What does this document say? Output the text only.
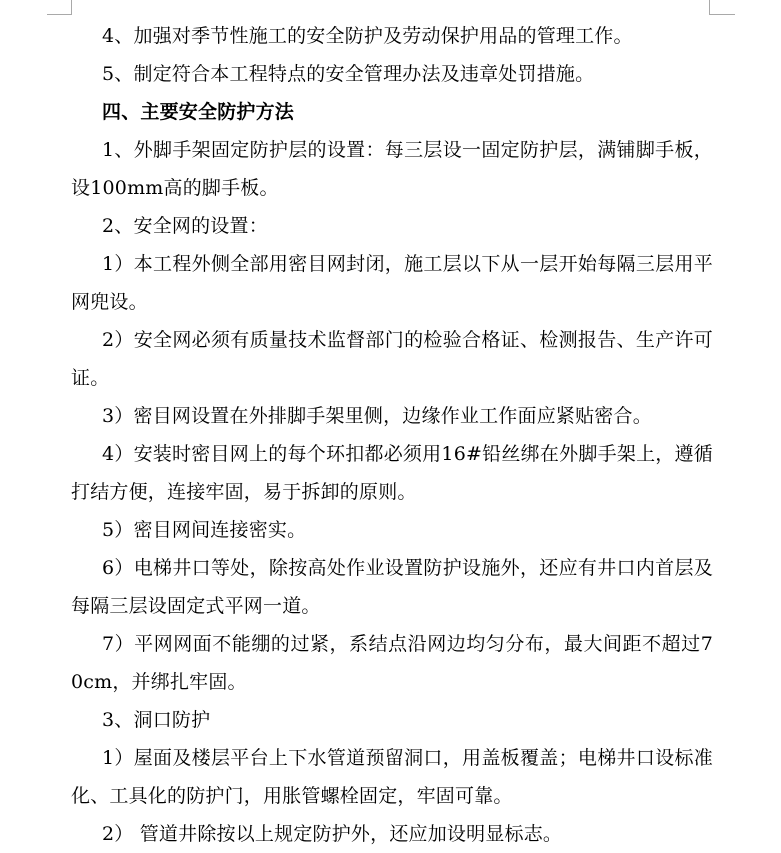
4、加强对季节性施工的安全防护及劳动保护用品的管理工作。

5、制定符合本工程特点的安全管理办法及违章处罚措施。

四、主要安全防护方法

1、外脚手架固定防护层的设置：每三层设一固定防护层，满铺脚手板，设100mm高的脚手板。

2、安全网的设置：

1）本工程外侧全部用密目网封闭，施工层以下从一层开始每隔三层用平网兜设。

2）安全网必须有质量技术监督部门的检验合格证、检测报告、生产许可证。

3）密目网设置在外排脚手架里侧，边缘作业工作面应紧贴密合。

4）安装时密目网上的每个环扣都必须用16#铅丝绑在外脚手架上，遵循打结方便，连接牢固，易于拆卸的原则。

5）密目网间连接密实。

6）电梯井口等处，除按高处作业设置防护设施外，还应有井口内首层及每隔三层设固定式平网一道。

7）平网网面不能绷的过紧，系结点沿网边均匀分布，最大间距不超过70cm，并绑扎牢固。

3、洞口防护

1）屋面及楼层平台上下水管道预留洞口，用盖板覆盖；电梯井口设标准化、工具化的防护门，用胀管螺栓固定，牢固可靠。

2） 管道井除按以上规定防护外，还应加设明显标志。
